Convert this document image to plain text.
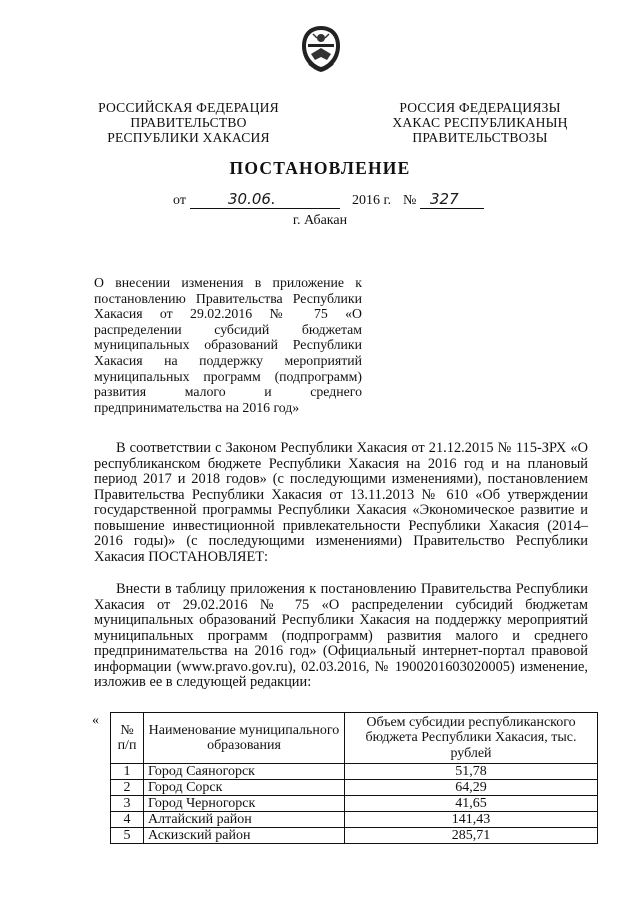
РОССИЙСКАЯ ФЕДЕРАЦИЯ
ПРАВИТЕЛЬСТВО
РЕСПУБЛИКИ ХАКАСИЯ
РОССИЯ ФЕДЕРАЦИЯЗЫ
ХАКАС РЕСПУБЛИКАНЫҢ
ПРАВИТЕЛЬСТВОЗЫ
ПОСТАНОВЛЕНИЕ
от	30.06.	2016 г. № 327
г. Абакан
О внесении изменения в приложение к постановлению Правительства Республики Хакасия от 29.02.2016 № 75 «О распределении субсидий бюджетам муниципальных образований Республики Хакасия на поддержку мероприятий муниципальных программ (подпрограмм) развития малого и среднего предпринимательства на 2016 год»
В соответствии с Законом Республики Хакасия от 21.12.2015 № 115-ЗРХ «О республиканском бюджете Республики Хакасия на 2016 год и на плановый период 2017 и 2018 годов» (с последующими изменениями), постановлением Правительства Республики Хакасия от 13.11.2013 № 610 «Об утверждении государственной программы Республики Хакасия «Экономическое развитие и повышение инвестиционной привлекательности Республики Хакасия (2014–2016 годы)» (с последующими изменениями) Правительство Республики Хакасия ПОСТАНОВЛЯЕТ:
Внести в таблицу приложения к постановлению Правительства Республики Хакасия от 29.02.2016 № 75 «О распределении субсидий бюджетам муниципальных образований Республики Хакасия на поддержку мероприятий муниципальных программ (подпрограмм) развития малого и среднего предпринимательства на 2016 год» (Официальный интернет-портал правовой информации (www.pravo.gov.ru), 02.03.2016, № 1900201603020005) изменение, изложив ее в следующей редакции:
«
№ п/п	Наименование муниципального образования	Объем субсидии республиканского бюджета Республики Хакасия, тыс. рублей
1	Город Саяногорск	51,78
2	Город Сорск	64,29
3	Город Черногорск	41,65
4	Алтайский район	141,43
5	Аскизский район	285,71
